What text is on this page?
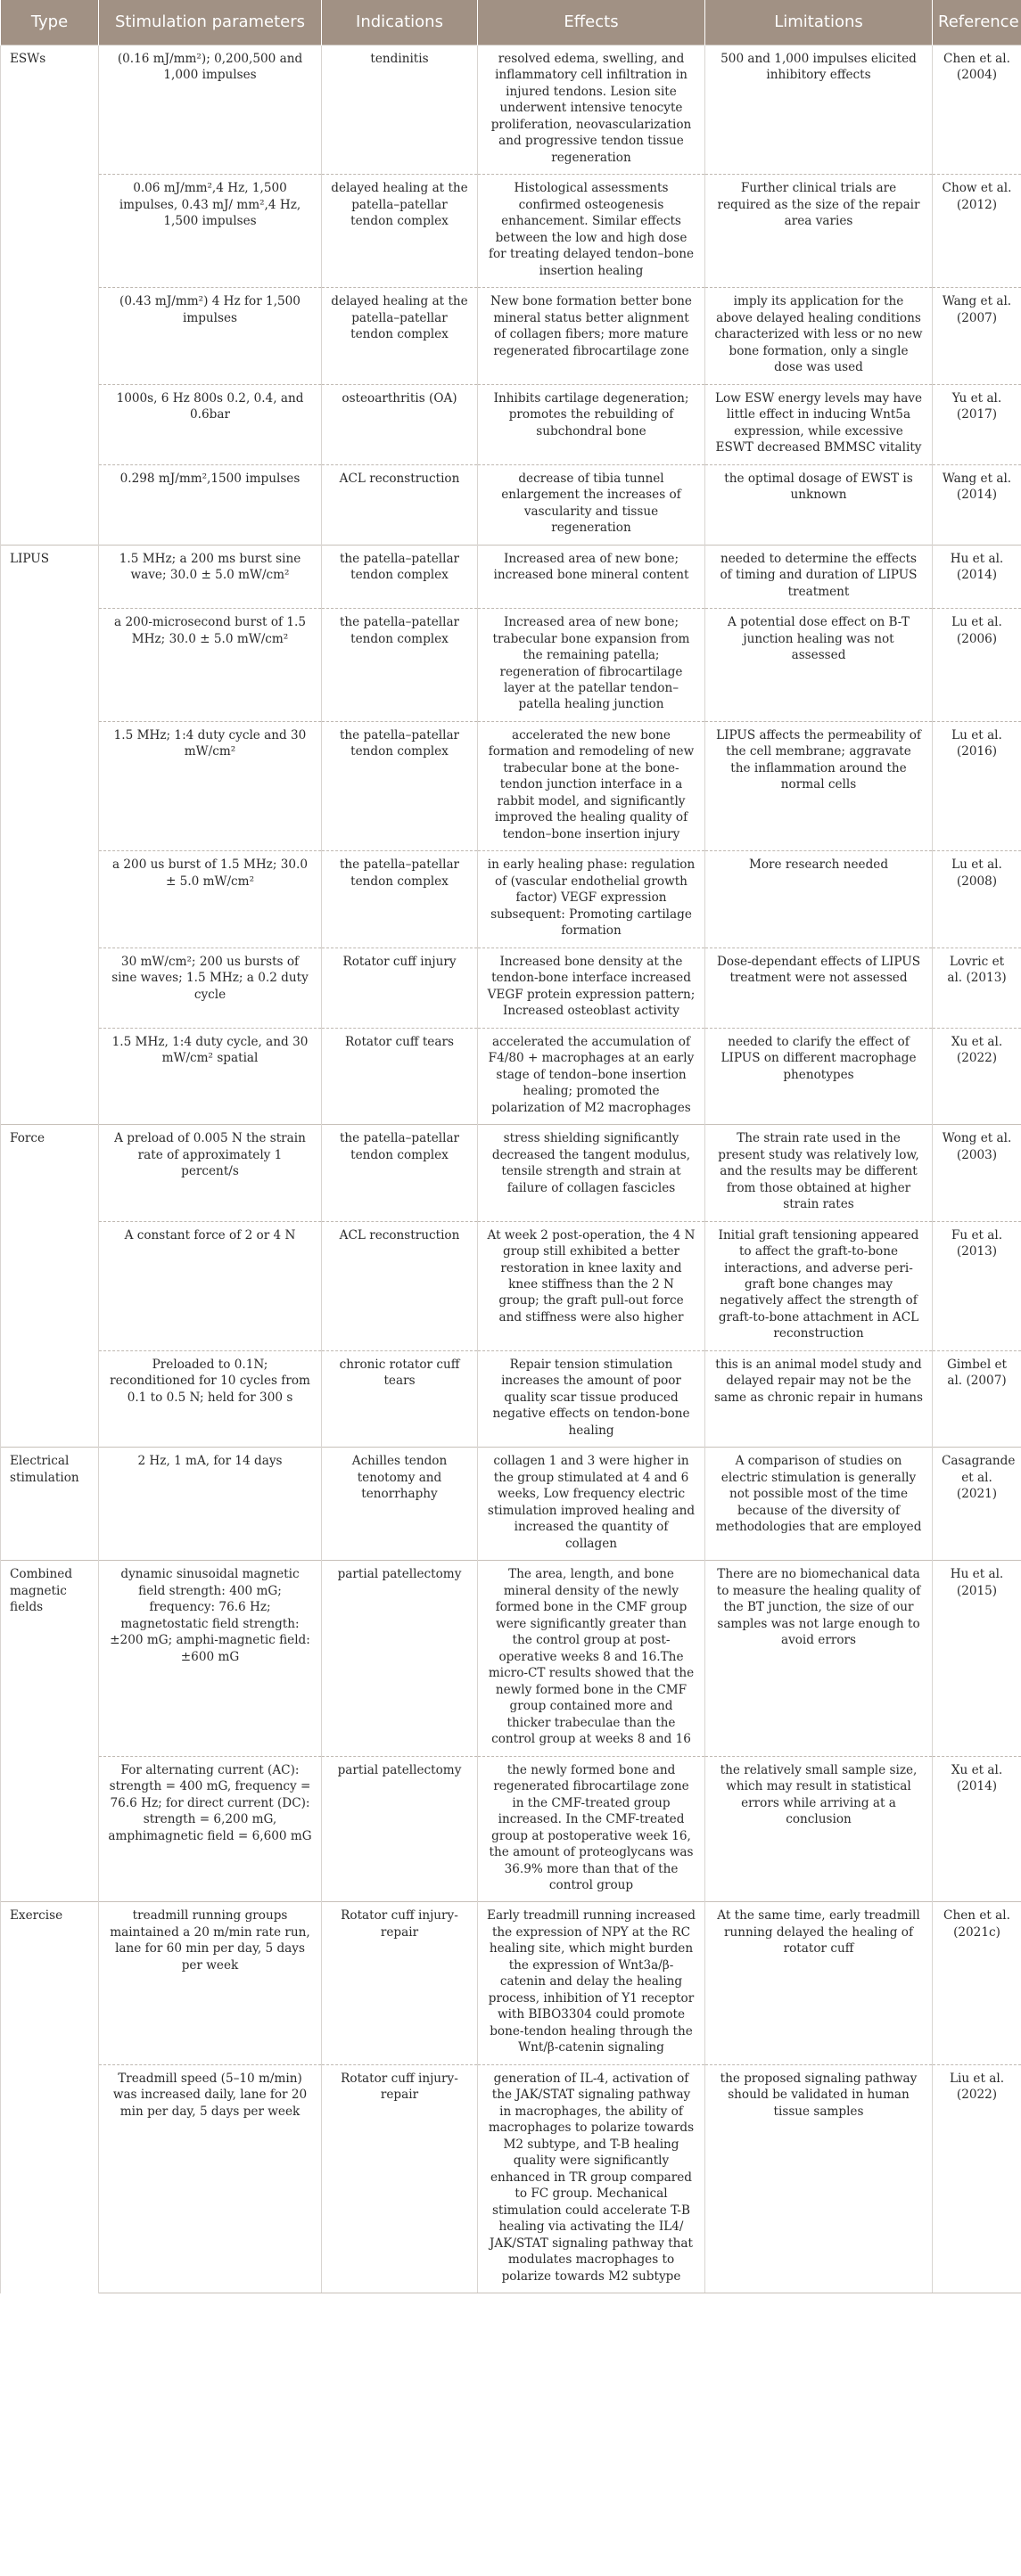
Type	Stimulation parameters	Indications	Effects	Limitations	Reference
ESWs	(0.16 mJ/mm²); 0,200,500 and 1,000 impulses	tendinitis	resolved edema, swelling, and inflammatory cell infiltration in injured tendons. Lesion site underwent intensive tenocyte proliferation, neovascularization and progressive tendon tissue regeneration	500 and 1,000 impulses elicited inhibitory effects	Chen et al. (2004)
	0.06 mJ/mm²,4 Hz, 1,500 impulses, 0.43 mJ/ mm²,4 Hz, 1,500 impulses	delayed healing at the patella–patellar tendon complex	Histological assessments confirmed osteogenesis enhancement. Similar effects between the low and high dose for treating delayed tendon–bone insertion healing	Further clinical trials are required as the size of the repair area varies	Chow et al. (2012)
	(0.43 mJ/mm²) 4 Hz for 1,500 impulses	delayed healing at the patella–patellar tendon complex	New bone formation better bone mineral status better alignment of collagen fibers; more mature regenerated fibrocartilage zone	imply its application for the above delayed healing conditions characterized with less or no new bone formation, only a single dose was used	Wang et al. (2007)
	1000s, 6 Hz 800s 0.2, 0.4, and 0.6bar	osteoarthritis (OA)	Inhibits cartilage degeneration; promotes the rebuilding of subchondral bone	Low ESW energy levels may have little effect in inducing Wnt5a expression, while excessive ESWT decreased BMMSC vitality	Yu et al. (2017)
	0.298 mJ/mm²,1500 impulses	ACL reconstruction	decrease of tibia tunnel enlargement the increases of vascularity and tissue regeneration	the optimal dosage of EWST is unknown	Wang et al. (2014)
LIPUS	1.5 MHz; a 200 ms burst sine wave; 30.0 ± 5.0 mW/cm²	the patella–patellar tendon complex	Increased area of new bone; increased bone mineral content	needed to determine the effects of timing and duration of LIPUS treatment	Hu et al. (2014)
	a 200-microsecond burst of 1.5 MHz; 30.0 ± 5.0 mW/cm²	the patella–patellar tendon complex	Increased area of new bone; trabecular bone expansion from the remaining patella; regeneration of fibrocartilage layer at the patellar tendon–patella healing junction	A potential dose effect on B-T junction healing was not assessed	Lu et al. (2006)
	1.5 MHz; 1:4 duty cycle and 30 mW/cm²	the patella–patellar tendon complex	accelerated the new bone formation and remodeling of new trabecular bone at the bone-tendon junction interface in a rabbit model, and significantly improved the healing quality of tendon–bone insertion injury	LIPUS affects the permeability of the cell membrane; aggravate the inflammation around the normal cells	Lu et al. (2016)
	a 200 us burst of 1.5 MHz; 30.0 ± 5.0 mW/cm²	the patella–patellar tendon complex	in early healing phase: regulation of (vascular endothelial growth factor) VEGF expression subsequent: Promoting cartilage formation	More research needed	Lu et al. (2008)
	30 mW/cm²; 200 us bursts of sine waves; 1.5 MHz; a 0.2 duty cycle	Rotator cuff injury	Increased bone density at the tendon-bone interface increased VEGF protein expression pattern; Increased osteoblast activity	Dose-dependant effects of LIPUS treatment were not assessed	Lovric et al. (2013)
	1.5 MHz, 1:4 duty cycle, and 30 mW/cm² spatial	Rotator cuff tears	accelerated the accumulation of F4/80 + macrophages at an early stage of tendon–bone insertion healing; promoted the polarization of M2 macrophages	needed to clarify the effect of LIPUS on different macrophage phenotypes	Xu et al. (2022)
Force	A preload of 0.005 N the strain rate of approximately 1 percent/s	the patella–patellar tendon complex	stress shielding significantly decreased the tangent modulus, tensile strength and strain at failure of collagen fascicles	The strain rate used in the present study was relatively low, and the results may be different from those obtained at higher strain rates	Wong et al. (2003)
	A constant force of 2 or 4 N	ACL reconstruction	At week 2 post-operation, the 4 N group still exhibited a better restoration in knee laxity and knee stiffness than the 2 N group; the graft pull-out force and stiffness were also higher	Initial graft tensioning appeared to affect the graft-to-bone interactions, and adverse peri-graft bone changes may negatively affect the strength of graft-to-bone attachment in ACL reconstruction	Fu et al. (2013)
	Preloaded to 0.1N; reconditioned for 10 cycles from 0.1 to 0.5 N; held for 300 s	chronic rotator cuff tears	Repair tension stimulation increases the amount of poor quality scar tissue produced negative effects on tendon-bone healing	this is an animal model study and delayed repair may not be the same as chronic repair in humans	Gimbel et al. (2007)
Electrical stimulation	2 Hz, 1 mA, for 14 days	Achilles tendon tenotomy and tenorrhaphy	collagen 1 and 3 were higher in the group stimulated at 4 and 6 weeks, Low frequency electric stimulation improved healing and increased the quantity of collagen	A comparison of studies on electric stimulation is generally not possible most of the time because of the diversity of methodologies that are employed	Casagrande et al. (2021)
Combined magnetic fields	dynamic sinusoidal magnetic field strength: 400 mG; frequency: 76.6 Hz; magnetostatic field strength: ±200 mG; amphi-magnetic field: ±600 mG	partial patellectomy	The area, length, and bone mineral density of the newly formed bone in the CMF group were significantly greater than the control group at post-operative weeks 8 and 16.The micro-CT results showed that the newly formed bone in the CMF group contained more and thicker trabeculae than the control group at weeks 8 and 16	There are no biomechanical data to measure the healing quality of the BT junction, the size of our samples was not large enough to avoid errors	Hu et al. (2015)
	For alternating current (AC): strength = 400 mG, frequency = 76.6 Hz; for direct current (DC): strength = 6,200 mG, amphimagnetic field = 6,600 mG	partial patellectomy	the newly formed bone and regenerated fibrocartilage zone in the CMF-treated group increased. In the CMF-treated group at postoperative week 16, the amount of proteoglycans was 36.9% more than that of the control group	the relatively small sample size, which may result in statistical errors while arriving at a conclusion	Xu et al. (2014)
Exercise	treadmill running groups maintained a 20 m/min rate run, lane for 60 min per day, 5 days per week	Rotator cuff injury-repair	Early treadmill running increased the expression of NPY at the RC healing site, which might burden the expression of Wnt3a/β-catenin and delay the healing process, inhibition of Y1 receptor with BIBO3304 could promote bone-tendon healing through the Wnt/β-catenin signaling	At the same time, early treadmill running delayed the healing of rotator cuff	Chen et al. (2021c)
	Treadmill speed (5–10 m/min) was increased daily, lane for 20 min per day, 5 days per week	Rotator cuff injury-repair	generation of IL-4, activation of the JAK/STAT signaling pathway in macrophages, the ability of macrophages to polarize towards M2 subtype, and T-B healing quality were significantly enhanced in TR group compared to FC group. Mechanical stimulation could accelerate T-B healing via activating the IL4/ JAK/STAT signaling pathway that modulates macrophages to polarize towards M2 subtype	the proposed signaling pathway should be validated in human tissue samples	Liu et al. (2022)
